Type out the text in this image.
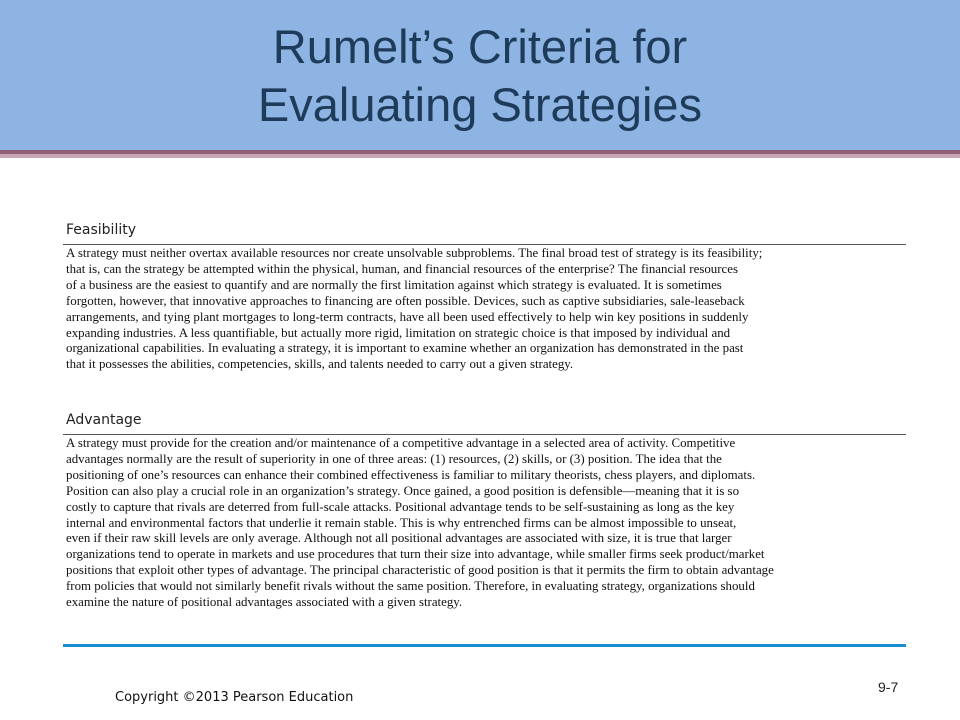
Rumelt’s Criteria for
Evaluating Strategies
Feasibility
A strategy must neither overtax available resources nor create unsolvable subproblems. The final broad test of strategy is its feasibility;
that is, can the strategy be attempted within the physical, human, and financial resources of the enterprise? The financial resources
of a business are the easiest to quantify and are normally the first limitation against which strategy is evaluated. It is sometimes
forgotten, however, that innovative approaches to financing are often possible. Devices, such as captive subsidiaries, sale-leaseback
arrangements, and tying plant mortgages to long-term contracts, have all been used effectively to help win key positions in suddenly
expanding industries. A less quantifiable, but actually more rigid, limitation on strategic choice is that imposed by individual and
organizational capabilities. In evaluating a strategy, it is important to examine whether an organization has demonstrated in the past
that it possesses the abilities, competencies, skills, and talents needed to carry out a given strategy.
Advantage
A strategy must provide for the creation and/or maintenance of a competitive advantage in a selected area of activity. Competitive
advantages normally are the result of superiority in one of three areas: (1) resources, (2) skills, or (3) position. The idea that the
positioning of one’s resources can enhance their combined effectiveness is familiar to military theorists, chess players, and diplomats.
Position can also play a crucial role in an organization’s strategy. Once gained, a good position is defensible—meaning that it is so
costly to capture that rivals are deterred from full-scale attacks. Positional advantage tends to be self-sustaining as long as the key
internal and environmental factors that underlie it remain stable. This is why entrenched firms can be almost impossible to unseat,
even if their raw skill levels are only average. Although not all positional advantages are associated with size, it is true that larger
organizations tend to operate in markets and use procedures that turn their size into advantage, while smaller firms seek product/market
positions that exploit other types of advantage. The principal characteristic of good position is that it permits the firm to obtain advantage
from policies that would not similarly benefit rivals without the same position. Therefore, in evaluating strategy, organizations should
examine the nature of positional advantages associated with a given strategy.
Copyright ©2013 Pearson Education
9-7
